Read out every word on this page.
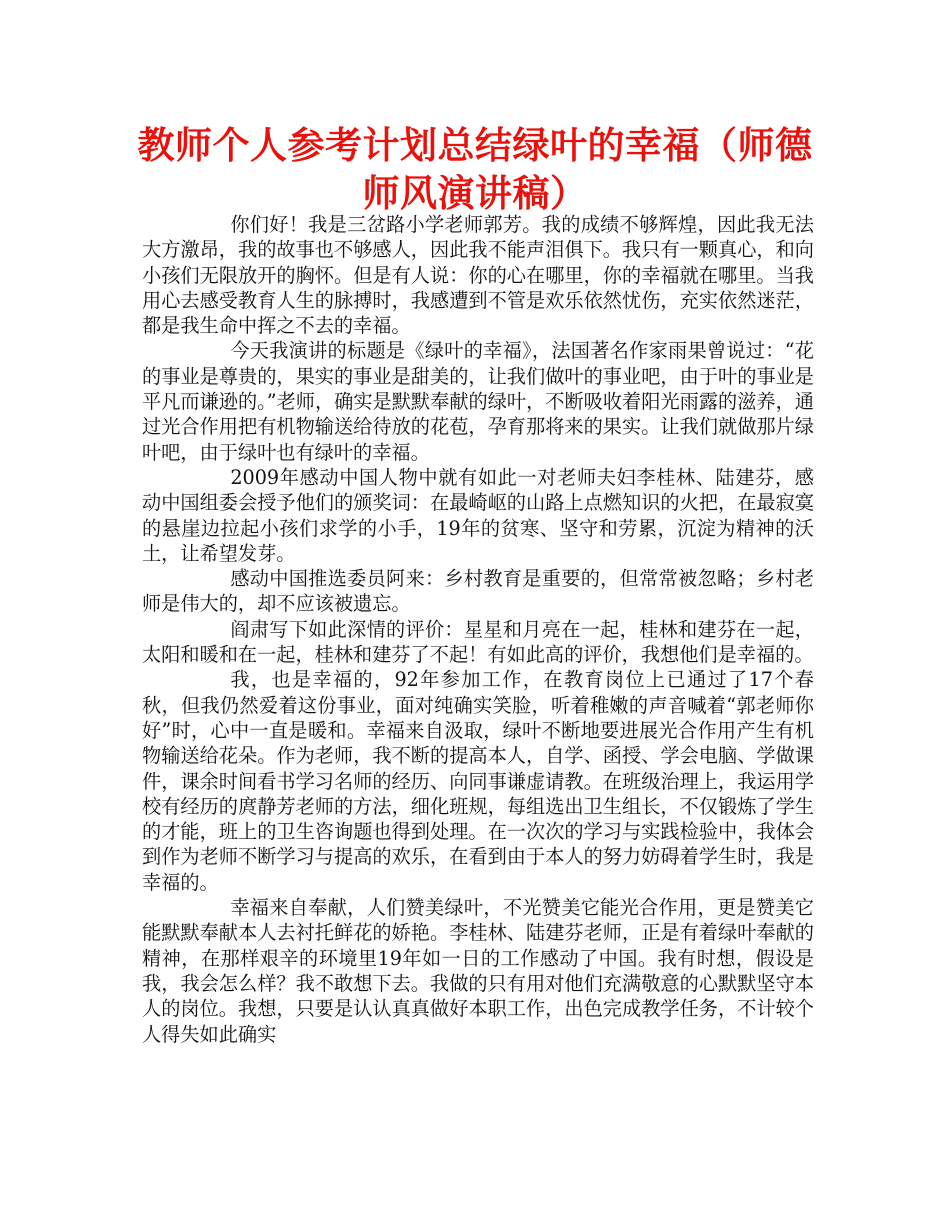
教师个人参考计划总结绿叶的幸福（师德师风演讲稿）

你们好！我是三岔路小学老师郭芳。我的成绩不够辉煌，因此我无法大方激昂，我的故事也不够感人，因此我不能声泪俱下。我只有一颗真心，和向小孩们无限放开的胸怀。但是有人说：你的心在哪里，你的幸福就在哪里。当我用心去感受教育人生的脉搏时，我感遭到不管是欢乐依然忧伤，充实依然迷茫，都是我生命中挥之不去的幸福。

今天我演讲的标题是《绿叶的幸福》，法国著名作家雨果曾说过：“花的事业是尊贵的，果实的事业是甜美的，让我们做叶的事业吧，由于叶的事业是平凡而谦逊的。”老师，确实是默默奉献的绿叶，不断吸收着阳光雨露的滋养，通过光合作用把有机物输送给待放的花苞，孕育那将来的果实。让我们就做那片绿叶吧，由于绿叶也有绿叶的幸福。

2009年感动中国人物中就有如此一对老师夫妇李桂林、陆建芬，感动中国组委会授予他们的颁奖词：在最崎岖的山路上点燃知识的火把，在最寂寞的悬崖边拉起小孩们求学的小手，19年的贫寒、坚守和劳累，沉淀为精神的沃土，让希望发芽。

感动中国推选委员阿来：乡村教育是重要的，但常常被忽略；乡村老师是伟大的，却不应该被遗忘。

阎肃写下如此深情的评价：星星和月亮在一起，桂林和建芬在一起，太阳和暖和在一起，桂林和建芬了不起！有如此高的评价，我想他们是幸福的。

我，也是幸福的，92年参加工作，在教育岗位上已通过了17个春秋，但我仍然爱着这份事业，面对纯确实笑脸，听着稚嫩的声音喊着“郭老师你好”时，心中一直是暖和。幸福来自汲取，绿叶不断地要进展光合作用产生有机物输送给花朵。作为老师，我不断的提高本人，自学、函授、学会电脑、学做课件，课余时间看书学习名师的经历、向同事谦虚请教。在班级治理上，我运用学校有经历的庹静芳老师的方法，细化班规，每组选出卫生组长，不仅锻炼了学生的才能，班上的卫生咨询题也得到处理。在一次次的学习与实践检验中，我体会到作为老师不断学习与提高的欢乐，在看到由于本人的努力妨碍着学生时，我是幸福的。

幸福来自奉献，人们赞美绿叶，不光赞美它能光合作用，更是赞美它能默默奉献本人去衬托鲜花的娇艳。李桂林、陆建芬老师，正是有着绿叶奉献的精神，在那样艰辛的环境里19年如一日的工作感动了中国。我有时想，假设是我，我会怎么样？我不敢想下去。我做的只有用对他们充满敬意的心默默坚守本人的岗位。我想，只要是认认真真做好本职工作，出色完成教学任务，不计较个人得失如此确实
